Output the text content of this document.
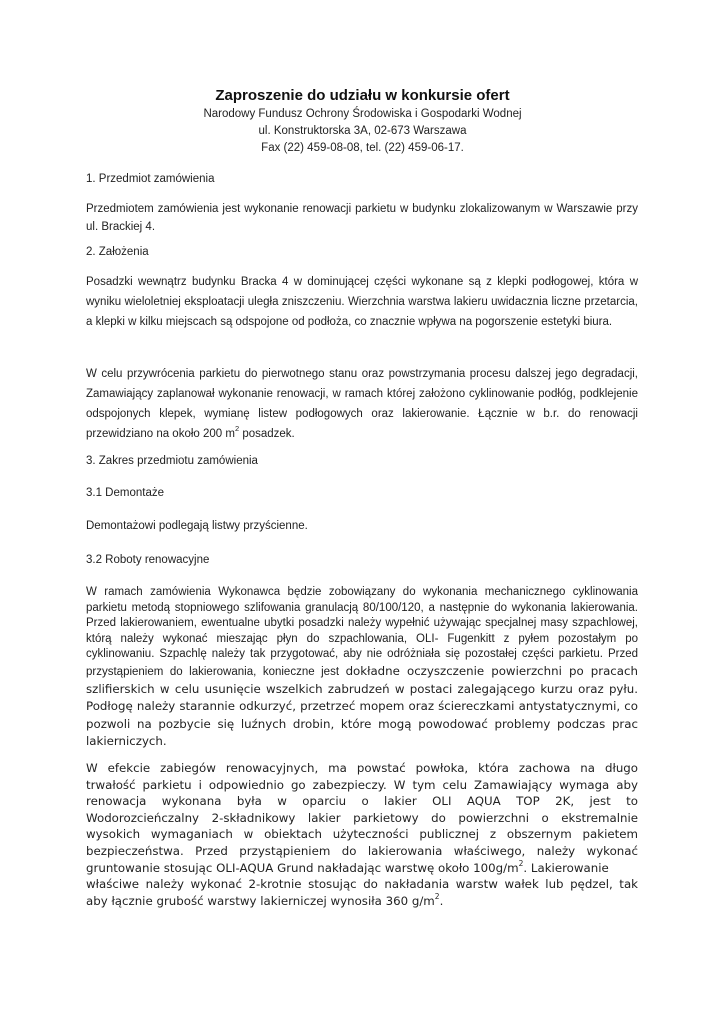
Zaproszenie do udziału w konkursie ofert
Narodowy Fundusz Ochrony Środowiska i Gospodarki Wodnej
ul. Konstruktorska 3A, 02-673 Warszawa
Fax (22) 459-08-08, tel. (22) 459-06-17.
1. Przedmiot zamówienia

Przedmiotem zamówienia jest wykonanie renowacji parkietu w budynku zlokalizowanym w Warszawie przy ul. Brackiej 4.

2. Założenia

Posadzki wewnątrz budynku Bracka 4 w dominującej części wykonane są z klepki podłogowej, która w wyniku wieloletniej eksploatacji uległa zniszczeniu. Wierzchnia warstwa lakieru uwidacznia liczne przetarcia, a klepki w kilku miejscach są odspojone od podłoża, co znacznie wpływa na pogorszenie estetyki biura.

W celu przywrócenia parkietu do pierwotnego stanu oraz powstrzymania procesu dalszej jego degradacji, Zamawiający zaplanował wykonanie renowacji, w ramach której założono cyklinowanie podłóg, podklejenie odspojonych klepek, wymianę listew podłogowych oraz lakierowanie. Łącznie w b.r. do renowacji przewidziano na około 200 $m^2$ posadzek.

3. Zakres przedmiotu zamówienia
3.1 Demontaże
Demontażowi podlegają listwy przyścienne.
3.2 Roboty renowacyjne

W ramach zamówienia Wykonawca będzie zobowiązany do wykonania mechanicznego cyklinowania parkietu metodą stopniowego szlifowania granulacją 80/100/120, a następnie do wykonania lakierowania. Przed lakierowaniem, ewentualne ubytki posadzki należy wypełnić używając specjalnej masy szpachlowej, którą należy wykonać mieszając płyn do szpachlowania, OLI- Fugenkitt z pyłem pozostałym po cyklinowaniu. Szpachlę należy tak przygotować, aby nie odróżniała się pozostałej części parkietu. Przed przystąpieniem do lakierowania, konieczne jest dokładne oczyszczenie powierzchni po pracach szlifierskich w celu usunięcie wszelkich zabrudzeń w postaci zalegającego kurzu oraz pyłu. Podłogę należy starannie odkurzyć, przetrzeć mopem oraz ściereczkami antystatycznymi, co pozwoli na pozbycie się luźnych drobin, które mogą powodować problemy podczas prac lakierniczych.

W efekcie zabiegów renowacyjnych, ma powstać powłoka, która zachowa na długo
trwałość parkietu i odpowiednio go zabezpieczy. W tym celu Zamawiający wymaga aby
renowacja wykonana była w oparciu o lakier OLI AQUA TOP 2K, jest to
Wodorozcieńczalny 2-składnikowy lakier parkietowy do powierzchni o ekstremalnie
wysokich wymaganiach w obiektach użyteczności publicznej z obszernym pakietem
bezpieczeństwa. Przed przystąpieniem do lakierowania właściwego, należy wykonać
gruntowanie stosując OLI-AQUA Grund nakładając warstwę około $100g/m^2$. Lakierowanie
właściwe należy wykonać 2-krotnie stosując do nakładania warstw wałek lub pędzel, tak
aby łącznie grubość warstwy lakierniczej wynosiła 360 $g/m^2$.
